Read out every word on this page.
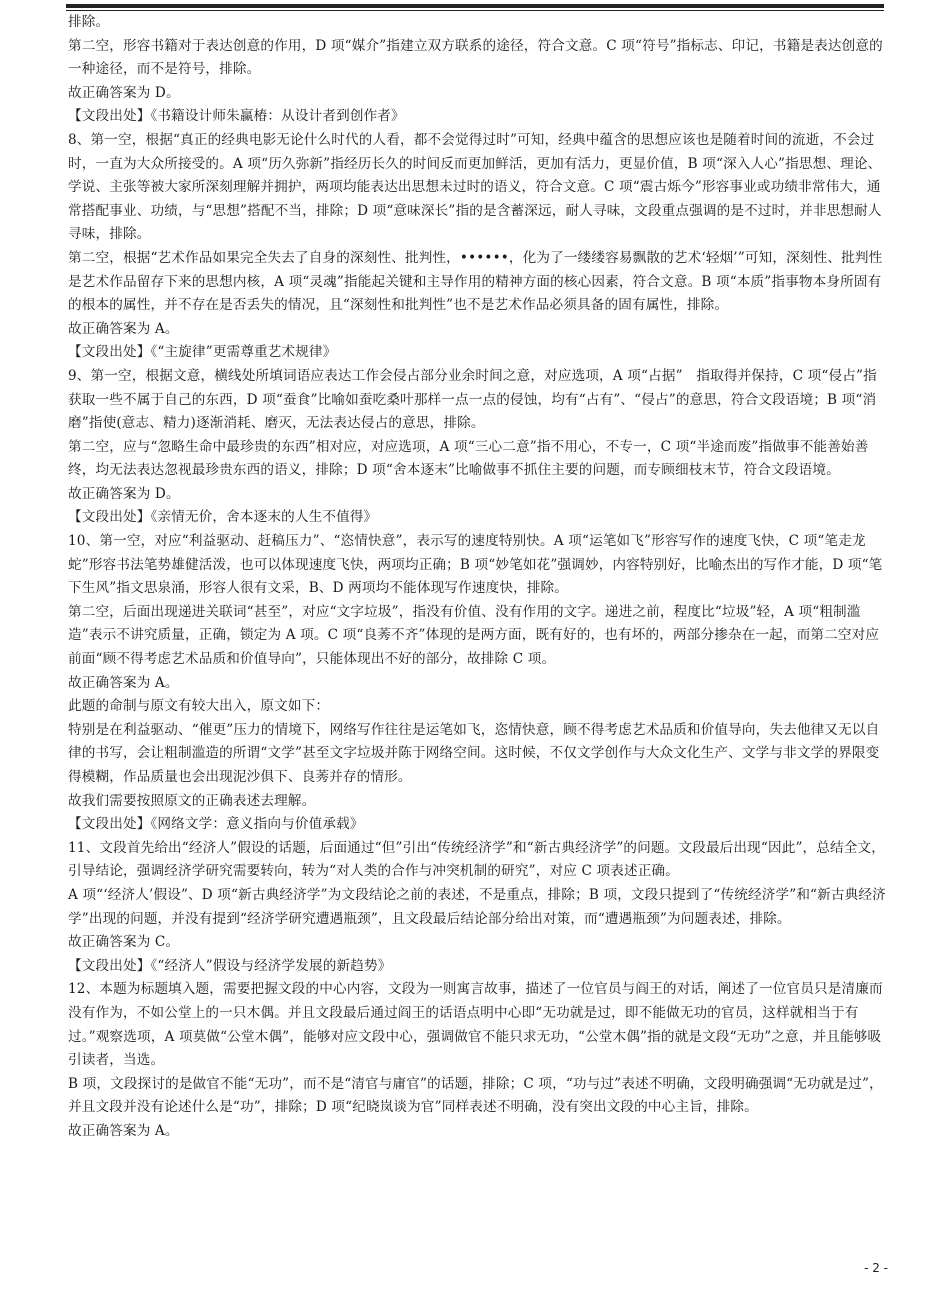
排除。

第二空，形容书籍对于表达创意的作用，D 项“媒介”指建立双方联系的途径，符合文意。C 项“符号”指标志、印记，书籍是表达创意的一种途径，而不是符号，排除。

故正确答案为 D。

【文段出处】《书籍设计师朱赢椿：从设计者到创作者》

8、第一空，根据“真正的经典电影无论什么时代的人看，都不会觉得过时”可知，经典中蕴含的思想应该也是随着时间的流逝，不会过时，一直为大众所接受的。A 项“历久弥新”指经历长久的时间反而更加鲜活，更加有活力，更显价值，B 项“深入人心”指思想、理论、学说、主张等被大家所深刻理解并拥护，两项均能表达出思想未过时的语义，符合文意。C 项“震古烁今”形容事业或功绩非常伟大，通常搭配事业、功绩，与“思想”搭配不当，排除；D 项“意味深长”指的是含蓄深远，耐人寻味，文段重点强调的是不过时，并非思想耐人寻味，排除。

第二空，根据“艺术作品如果完全失去了自身的深刻性、批判性，••••••，化为了一缕缕容易飘散的艺术‘轻烟’”可知，深刻性、批判性是艺术作品留存下来的思想内核，A 项“灵魂”指能起关键和主导作用的精神方面的核心因素，符合文意。B 项“本质”指事物本身所固有的根本的属性，并不存在是否丢失的情况，且“深刻性和批判性”也不是艺术作品必须具备的固有属性，排除。

故正确答案为 A。

【文段出处】《“主旋律”更需尊重艺术规律》

9、第一空，根据文意，横线处所填词语应表达工作会侵占部分业余时间之意，对应选项，A 项“占据”　指取得并保持，C 项“侵占”指获取一些不属于自己的东西，D 项“蚕食”比喻如蚕吃桑叶那样一点一点的侵蚀，均有“占有”、“侵占”的意思，符合文段语境；B 项“消磨”指使(意志、精力)逐渐消耗、磨灭，无法表达侵占的意思，排除。

第二空，应与“忽略生命中最珍贵的东西”相对应，对应选项，A 项“三心二意”指不用心，不专一，C 项“半途而废”指做事不能善始善终，均无法表达忽视最珍贵东西的语义，排除；D 项“舍本逐末”比喻做事不抓住主要的问题，而专顾细枝末节，符合文段语境。

故正确答案为 D。

【文段出处】《亲情无价，舍本逐末的人生不值得》

10、第一空，对应“利益驱动、赶稿压力”、“恣情快意”，表示写的速度特别快。A 项“运笔如飞”形容写作的速度飞快，C 项“笔走龙蛇”形容书法笔势雄健活泼，也可以体现速度飞快，两项均正确；B 项“妙笔如花”强调妙，内容特别好，比喻杰出的写作才能，D 项“笔下生风”指文思泉涌，形容人很有文采，B、D 两项均不能体现写作速度快，排除。

第二空，后面出现递进关联词“甚至”，对应“文字垃圾”，指没有价值、没有作用的文字。递进之前，程度比“垃圾”轻，A 项“粗制滥造”表示不讲究质量，正确，锁定为 A 项。C 项“良莠不齐”体现的是两方面，既有好的，也有坏的，两部分掺杂在一起，而第二空对应前面“顾不得考虑艺术品质和价值导向”，只能体现出不好的部分，故排除 C 项。

故正确答案为 A。

此题的命制与原文有较大出入，原文如下：

特别是在利益驱动、“催更”压力的情境下，网络写作往往是运笔如飞，恣情快意，顾不得考虑艺术品质和价值导向，失去他律又无以自律的书写，会让粗制滥造的所谓“文学”甚至文字垃圾并陈于网络空间。这时候，不仅文学创作与大众文化生产、文学与非文学的界限变得模糊，作品质量也会出现泥沙俱下、良莠并存的情形。

故我们需要按照原文的正确表述去理解。

【文段出处】《网络文学：意义指向与价值承载》

11、文段首先给出“经济人”假设的话题，后面通过“但”引出“传统经济学”和“新古典经济学”的问题。文段最后出现“因此”，总结全文，引导结论，强调经济学研究需要转向，转为“对人类的合作与冲突机制的研究”，对应 C 项表述正确。

A 项“‘经济人’假设”、D 项“新古典经济学”为文段结论之前的表述，不是重点，排除；B 项，文段只提到了“传统经济学”和“新古典经济学”出现的问题，并没有提到“经济学研究遭遇瓶颈”，且文段最后结论部分给出对策，而“遭遇瓶颈”为问题表述，排除。

故正确答案为 C。

【文段出处】《“经济人”假设与经济学发展的新趋势》

12、本题为标题填入题，需要把握文段的中心内容，文段为一则寓言故事，描述了一位官员与阎王的对话，阐述了一位官员只是清廉而没有作为，不如公堂上的一只木偶。并且文段最后通过阎王的话语点明中心即“无功就是过，即不能做无功的官员，这样就相当于有过。”观察选项，A 项莫做“公堂木偶”，能够对应文段中心，强调做官不能只求无功，“公堂木偶”指的就是文段“无功”之意，并且能够吸引读者，当选。

B 项，文段探讨的是做官不能“无功”，而不是“清官与庸官”的话题，排除；C 项，“功与过”表述不明确，文段明确强调“无功就是过”，并且文段并没有论述什么是“功”，排除；D 项“纪晓岚谈为官”同样表述不明确，没有突出文段的中心主旨，排除。

故正确答案为 A。

- 2 -
